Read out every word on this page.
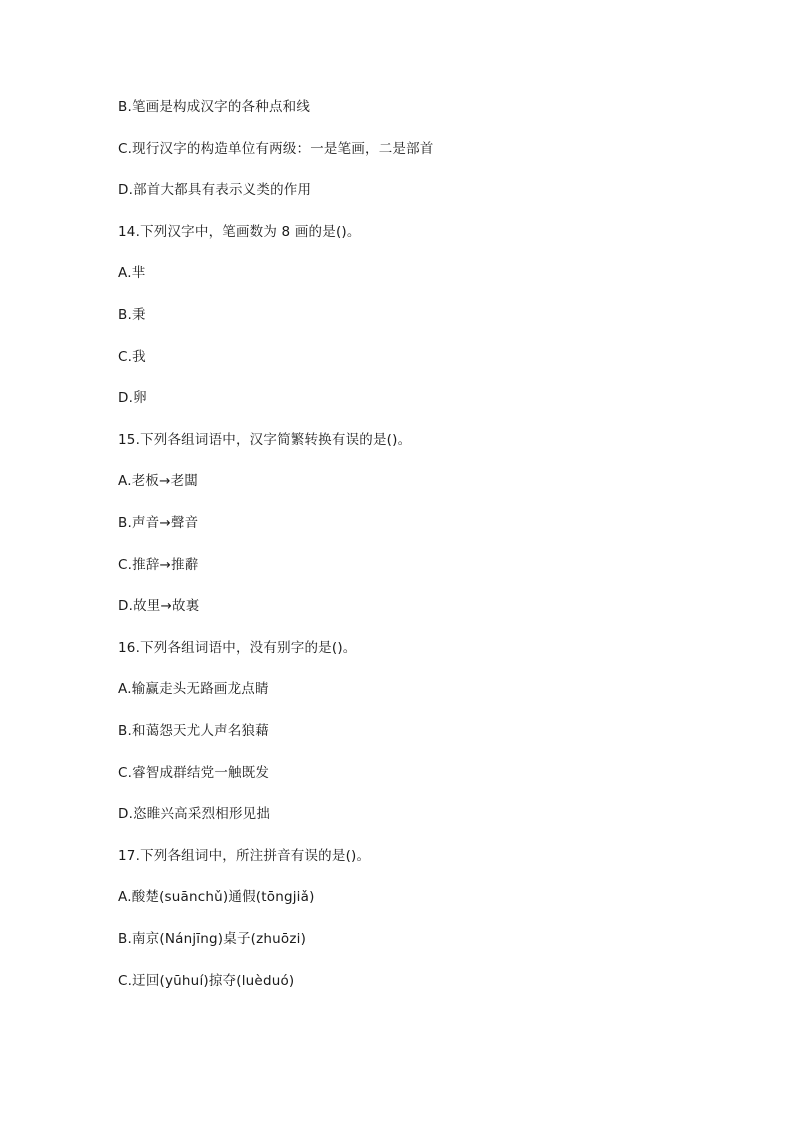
B.笔画是构成汉字的各种点和线
C.现行汉字的构造单位有两级：一是笔画，二是部首
D.部首大都具有表示义类的作用
14.下列汉字中，笔画数为 8 画的是()。
A.芈
B.秉
C.我
D.卵
15.下列各组词语中，汉字简繁转换有误的是()。
A.老板→老闆
B.声音→聲音
C.推辞→推辭
D.故里→故裏
16.下列各组词语中，没有别字的是()。
A.输赢走头无路画龙点睛
B.和蔼怨天尤人声名狼藉
C.睿智成群结党一触既发
D.恣睢兴高采烈相形见拙
17.下列各组词中，所注拼音有误的是()。
A.酸楚(suānchǔ)通假(tōngjiǎ)
B.南京(Nánjīng)桌子(zhuōzi)
C.迂回(yūhuí)掠夺(luèduó)
